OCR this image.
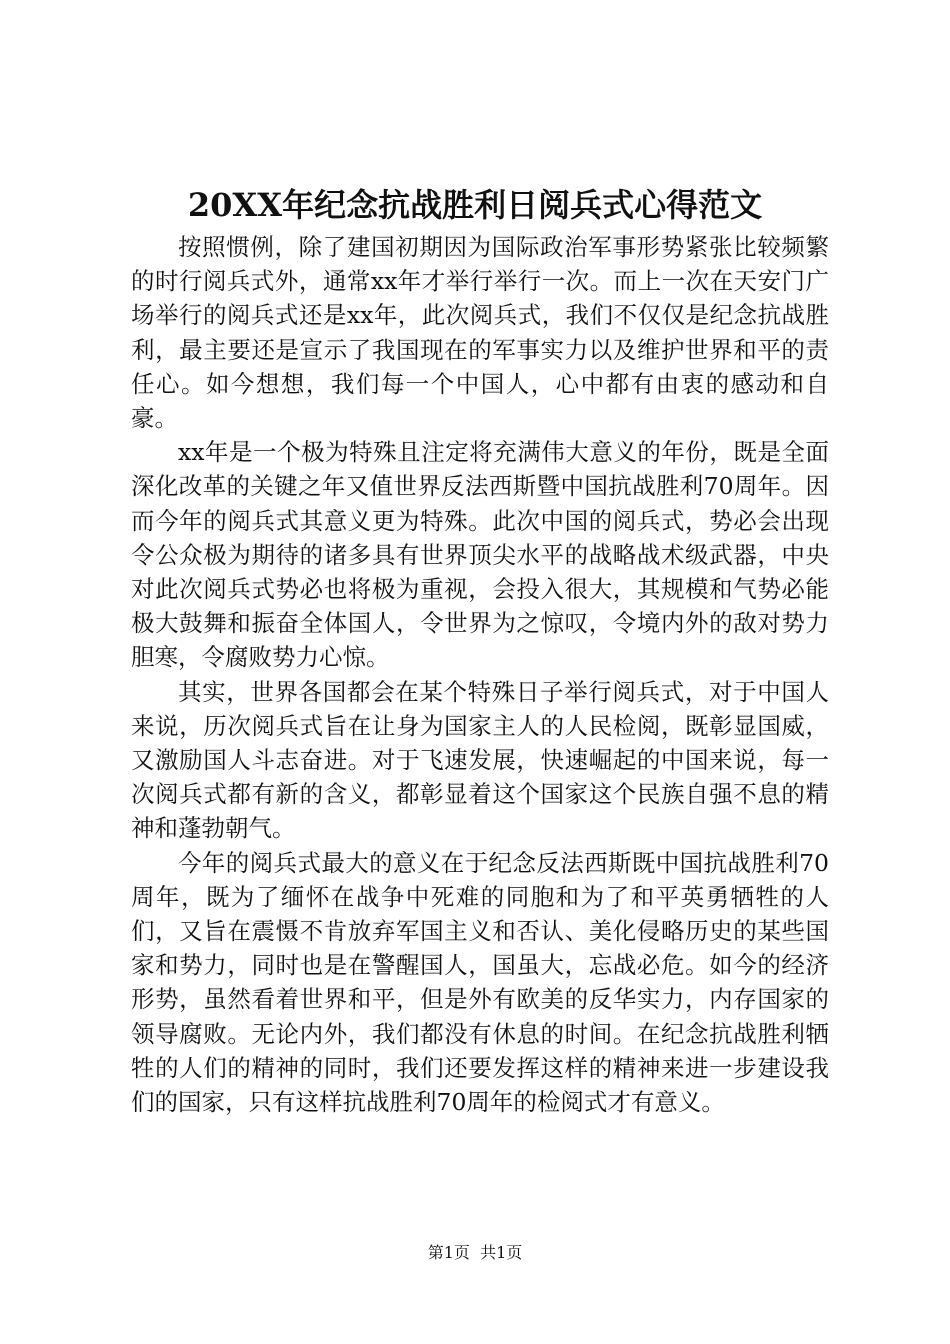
20XX年纪念抗战胜利日阅兵式心得范文

按照惯例，除了建国初期因为国际政治军事形势紧张比较频繁的时行阅兵式外，通常xx年才举行举行一次。而上一次在天安门广场举行的阅兵式还是xx年，此次阅兵式，我们不仅仅是纪念抗战胜利，最主要还是宣示了我国现在的军事实力以及维护世界和平的责任心。如今想想，我们每一个中国人，心中都有由衷的感动和自豪。

xx年是一个极为特殊且注定将充满伟大意义的年份，既是全面深化改革的关键之年又值世界反法西斯暨中国抗战胜利70周年。因而今年的阅兵式其意义更为特殊。此次中国的阅兵式，势必会出现令公众极为期待的诸多具有世界顶尖水平的战略战术级武器，中央对此次阅兵式势必也将极为重视，会投入很大，其规模和气势必能极大鼓舞和振奋全体国人，令世界为之惊叹，令境内外的敌对势力胆寒，令腐败势力心惊。

其实，世界各国都会在某个特殊日子举行阅兵式，对于中国人来说，历次阅兵式旨在让身为国家主人的人民检阅，既彰显国威，又激励国人斗志奋进。对于飞速发展，快速崛起的中国来说，每一次阅兵式都有新的含义，都彰显着这个国家这个民族自强不息的精神和蓬勃朝气。

今年的阅兵式最大的意义在于纪念反法西斯既中国抗战胜利70周年，既为了缅怀在战争中死难的同胞和为了和平英勇牺牲的人们，又旨在震慑不肯放弃军国主义和否认、美化侵略历史的某些国家和势力，同时也是在警醒国人，国虽大，忘战必危。如今的经济形势，虽然看着世界和平，但是外有欧美的反华实力，内存国家的领导腐败。无论内外，我们都没有休息的时间。在纪念抗战胜利牺牲的人们的精神的同时，我们还要发挥这样的精神来进一步建设我们的国家，只有这样抗战胜利70周年的检阅式才有意义。

第1页 共1页
